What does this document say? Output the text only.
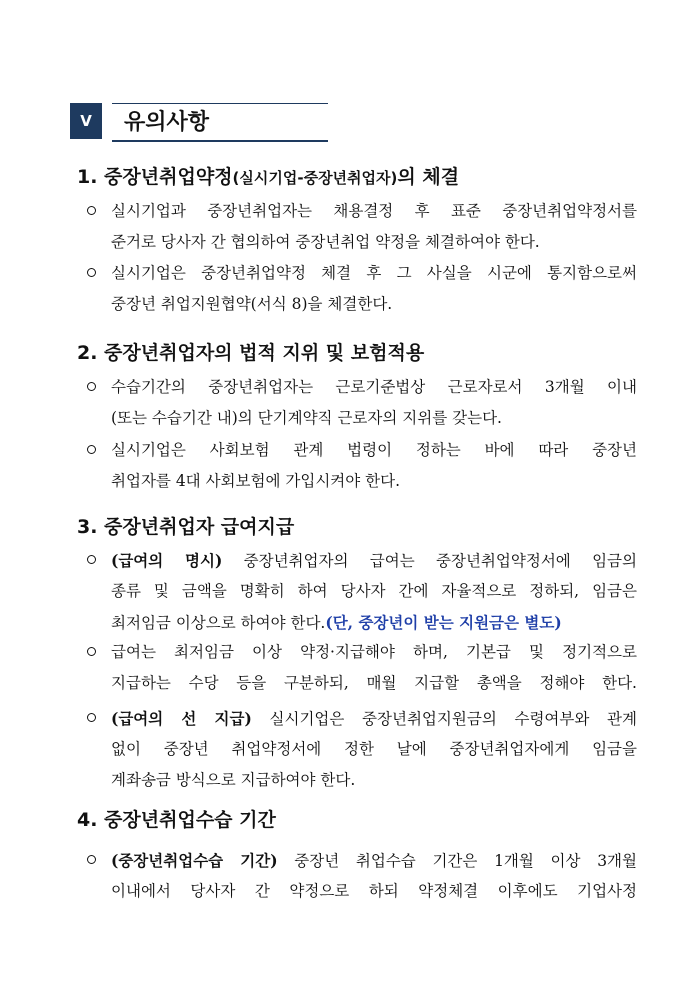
Ⅴ	유의사항
1. 중장년취업약정(실시기업-중장년취업자)의 체결
실시기업과 중장년취업자는 채용결정 후 표준 중장년취업약정서를
준거로 당사자 간 협의하여 중장년취업 약정을 체결하여야 한다.
실시기업은 중장년취업약정 체결 후 그 사실을 시군에 통지함으로써
중장년 취업지원협약(서식 8)을 체결한다.
2. 중장년취업자의 법적 지위 및 보험적용
수습기간의 중장년취업자는 근로기준법상 근로자로서 3개월 이내
(또는 수습기간 내)의 단기계약직 근로자의 지위를 갖는다.
실시기업은 사회보험 관계 법령이 정하는 바에 따라 중장년
취업자를 4대 사회보험에 가입시켜야 한다.
3. 중장년취업자 급여지급
(급여의 명시) 중장년취업자의 급여는 중장년취업약정서에 임금의
종류 및 금액을 명확히 하여 당사자 간에 자율적으로 정하되, 임금은
최저임금 이상으로 하여야 한다.(단, 중장년이 받는 지원금은 별도)
급여는 최저임금 이상 약정·지급해야 하며, 기본급 및 정기적으로
지급하는 수당 등을 구분하되, 매월 지급할 총액을 정해야 한다.
(급여의 선 지급) 실시기업은 중장년취업지원금의 수령여부와 관계
없이 중장년 취업약정서에 정한 날에 중장년취업자에게 임금을
계좌송금 방식으로 지급하여야 한다.
4. 중장년취업수습 기간
(중장년취업수습 기간) 중장년 취업수습 기간은 1개월 이상 3개월
이내에서 당사자 간 약정으로 하되 약정체결 이후에도 기업사정
